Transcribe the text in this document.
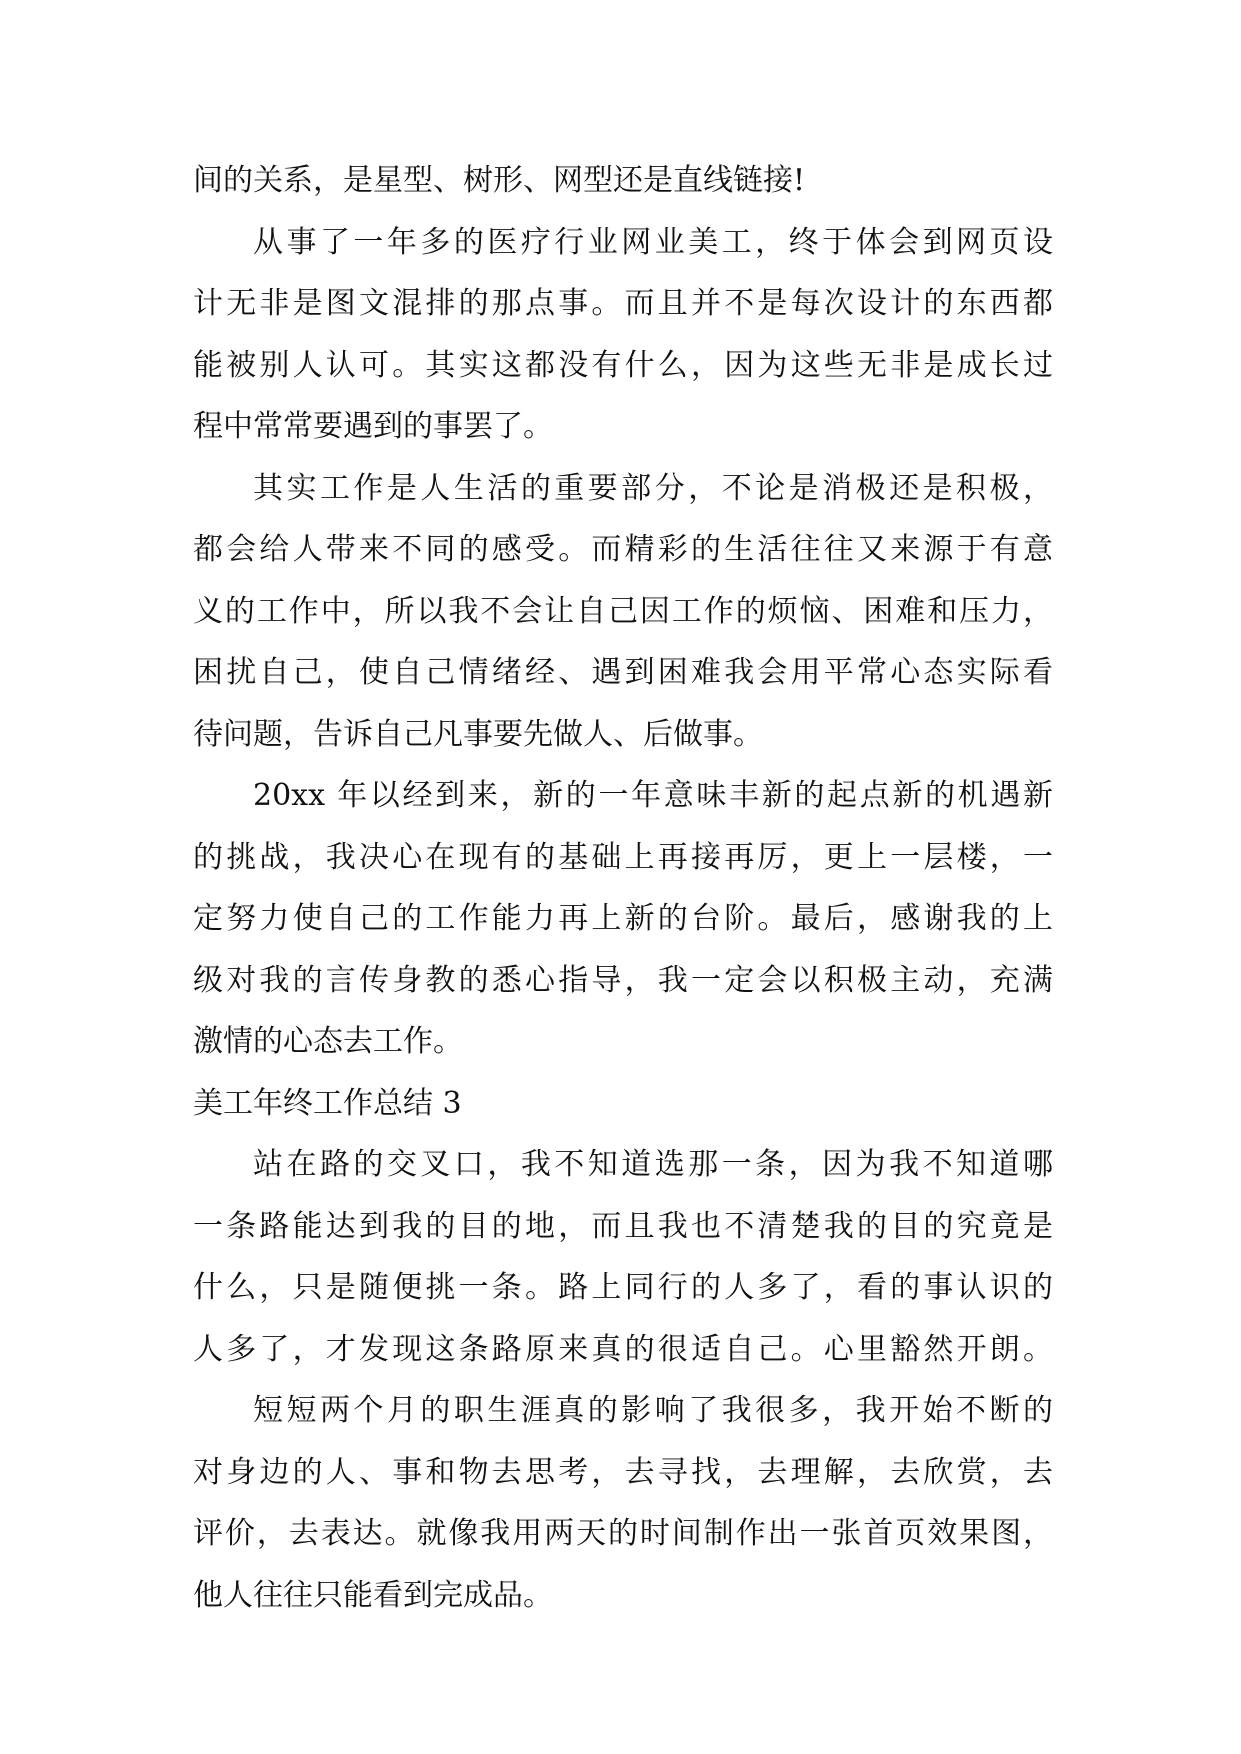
间的关系，是星型、树形、网型还是直线链接!
从事了一年多的医疗行业网业美工，终于体会到网页设
计无非是图文混排的那点事。而且并不是每次设计的东西都
能被别人认可。其实这都没有什么，因为这些无非是成长过
程中常常要遇到的事罢了。
其实工作是人生活的重要部分，不论是消极还是积极，
都会给人带来不同的感受。而精彩的生活往往又来源于有意
义的工作中，所以我不会让自己因工作的烦恼、困难和压力，
困扰自己，使自己情绪经、遇到困难我会用平常心态实际看
待问题，告诉自己凡事要先做人、后做事。
20xx 年以经到来，新的一年意味丰新的起点新的机遇新
的挑战，我决心在现有的基础上再接再厉，更上一层楼，一
定努力使自己的工作能力再上新的台阶。最后，感谢我的上
级对我的言传身教的悉心指导，我一定会以积极主动，充满
激情的心态去工作。
美工年终工作总结 3
站在路的交叉口，我不知道选那一条，因为我不知道哪
一条路能达到我的目的地，而且我也不清楚我的目的究竟是
什么，只是随便挑一条。路上同行的人多了，看的事认识的
人多了，才发现这条路原来真的很适自己。心里豁然开朗。
短短两个月的职生涯真的影响了我很多，我开始不断的
对身边的人、事和物去思考，去寻找，去理解，去欣赏，去
评价，去表达。就像我用两天的时间制作出一张首页效果图，
他人往往只能看到完成品。
